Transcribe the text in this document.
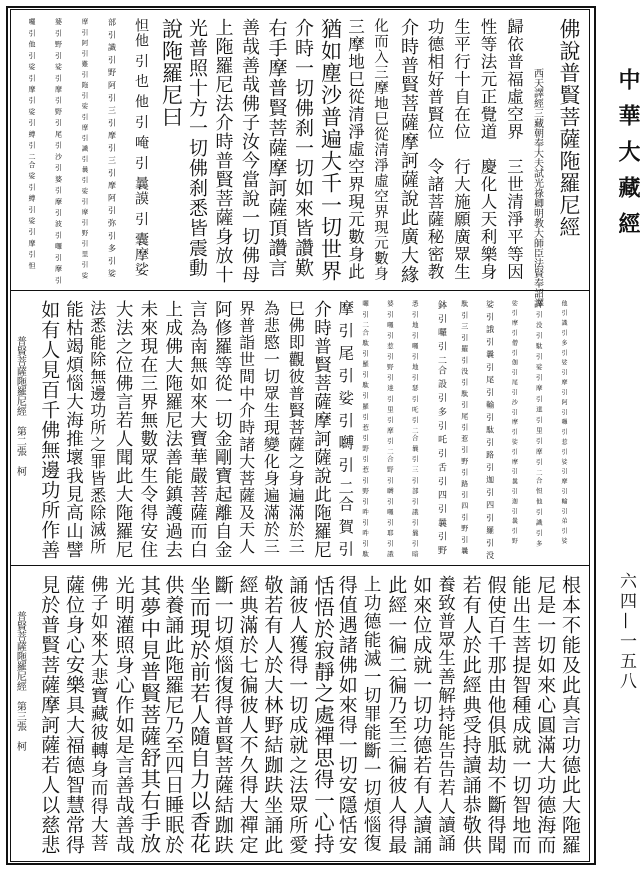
佛說普賢菩薩陁羅尼經
西天譯經三藏朝奉大夫試光祿卿明教大師臣法賢奉詔譯
歸依普福虛空界　三世清淨平等因
性等法元正覺道　慶化人天利樂身
生平行十自在位　行大施願廣眾生
功德相好普賢位　令諸菩薩秘密教
介時普賢菩薩摩訶薩說此廣大緣
化而入三摩地巳從清淨虛空界現元數身
三摩地巳從清淨虛空界現元數身此
猶如塵沙普遍大千一切世界
介時一切佛刹一切如來皆讚歎
右手摩普賢菩薩摩訶薩頂讚言
善哉善哉佛子汝今當說一切佛母
上陁羅尼法介時普賢菩薩身放十
光普照十方一切佛刹悉皆震動
說陁羅尼曰
怛他 引 也 他 引 唵 引 曩謨 引 囊摩娑
部 引 識 引 野 阿 引 三 引 摩 引 三 引 摩 阿 引 弥 引 多 引 娑
摩 引 阿 引 難 引 陁 引 娑 引 摩 引 識 引 曩 引 娑 引 摩 引 野 引 里 引 娑
婆 引 野 引 娑 引 摩 引 野 引 尾 引 沙 引 婆 引 摩 引 波 引 囉 引 摩 引
囉 引 他 引 娑 引 摩 引 娑 引 縛 引 二合 娑 引 縛 引 娑 引 摩 引 怛
他 引 識 引 多 引 娑 引 摩 引 阿 引 囉 引 惹 引 娑 引 摩 引 輸 引 弟 引 娑
摩 引 没 引 駄 引 娑 引 摩 引 達 引 里 引 摩 引 二合 怛 他 引 識 引 多
娑 引 摩 引 僧 引 伽 引 尾 引 沙 引 摩 引 娑 引 摩 引 曩 引 迦 引 曩 引 野
娑 引 誐 引 曩 引 尾 引 輸 引 駄 引 路 引 迦 引 四 引 羅 引 没
駄 引 三 引 羅 引 没 引 駄 引 尾 引 惹 引 野 引 路 引 四 引 野 引 曩
鉢 引 囉 引 二合 設 引 多 引 吒 引 舌 引 四 引 曩 引 野
悉 引 地 引 囉 引 地 引 瑟 引 吒 引 二合 曩 引 三 引 部 引 誐 引 曩 引 暗
婆 引 囉 引 惹 引 野 引 達 引 里 引 摩 引 二合 野 引 嚩 引 囉 引 耶 引 誐
囉 引 二合 駄 引 羅 引 駄 引 羅 引 惹 引 野 引 惹 引 野 引 吽 引 吽 引 駄
摩 引 尾 引 娑 引 嚩 引 二合 賀 引
介時普賢菩薩摩訶薩說此陁羅尼
巳佛即觀彼普賢菩薩之身遍滿於三
為悲愍一切眾生現變化身遍滿於三
界普詣世間中介時諸大菩薩及天人
阿修羅等從一切金剛寶起離自金
言為南無如來大寶華嚴菩薩而白
上成佛大陁羅尼法善能鎮護過去
未來現在三界無數眾生令得安住
大法之位佛言若人聞此大陁羅尼
法悉能除無邊功所之罪皆悉除滅所
能枯竭煩惱大海推壞我見高山譬
如有人見百千佛無邊功所作善
普賢菩薩陁羅尼經　第二張　柯
根本不能及此真言功德此大陁羅
尼是一切如來心圓滿大功德海而
能出生菩提智種成就一切智地而
假使百千那由他俱胝劫不斷得聞
若有人於此經典受持讀誦恭敬供
養致普眾生善解持能告告若人讀誦
如來位成就一切功德若有人讀誦
此經一徧二徧乃至三徧彼人得最
上功德能滅一切罪能斷一切煩惱復
得值遇諸佛如來得一切安隱恬安
恬悟於寂靜之處禪思得一心持
誦彼人獲得一切成就之法眾所愛
敬若有人於大林野結跏趺坐誦此
經典滿於七徧彼人不久得大禪定
斷一切煩惱復得普賢菩薩結跏趺
坐而現於前若人隨自力以香花
供養誦此陁羅尼乃至四日睡眠於
其夢中見普賢菩薩舒其右手放
光明灌照身心作如是言善哉善哉
佛子如來大悲寶藏彼轉身而得大菩
薩位身心安樂具大福德智慧常得
見於普賢菩薩摩訶薩若人以慈悲
普賢菩薩陁羅尼經　第三張　柯
中華大藏經
六四—一五八
